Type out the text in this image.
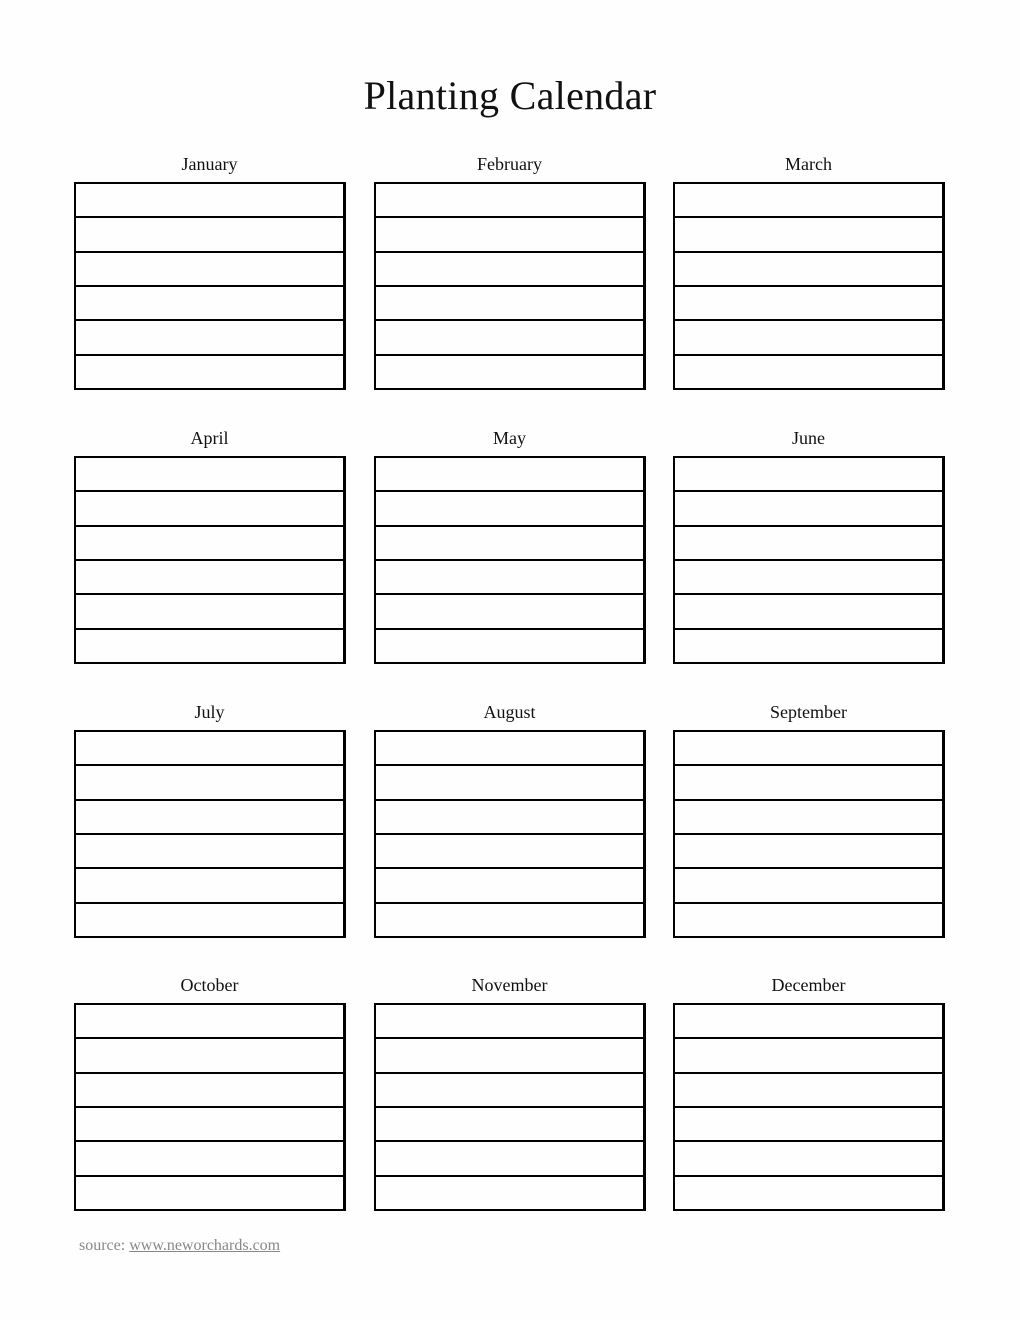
Planting Calendar
January	February	March
April	May	June
July	August	September
October	November	December
source: www.neworchards.com
